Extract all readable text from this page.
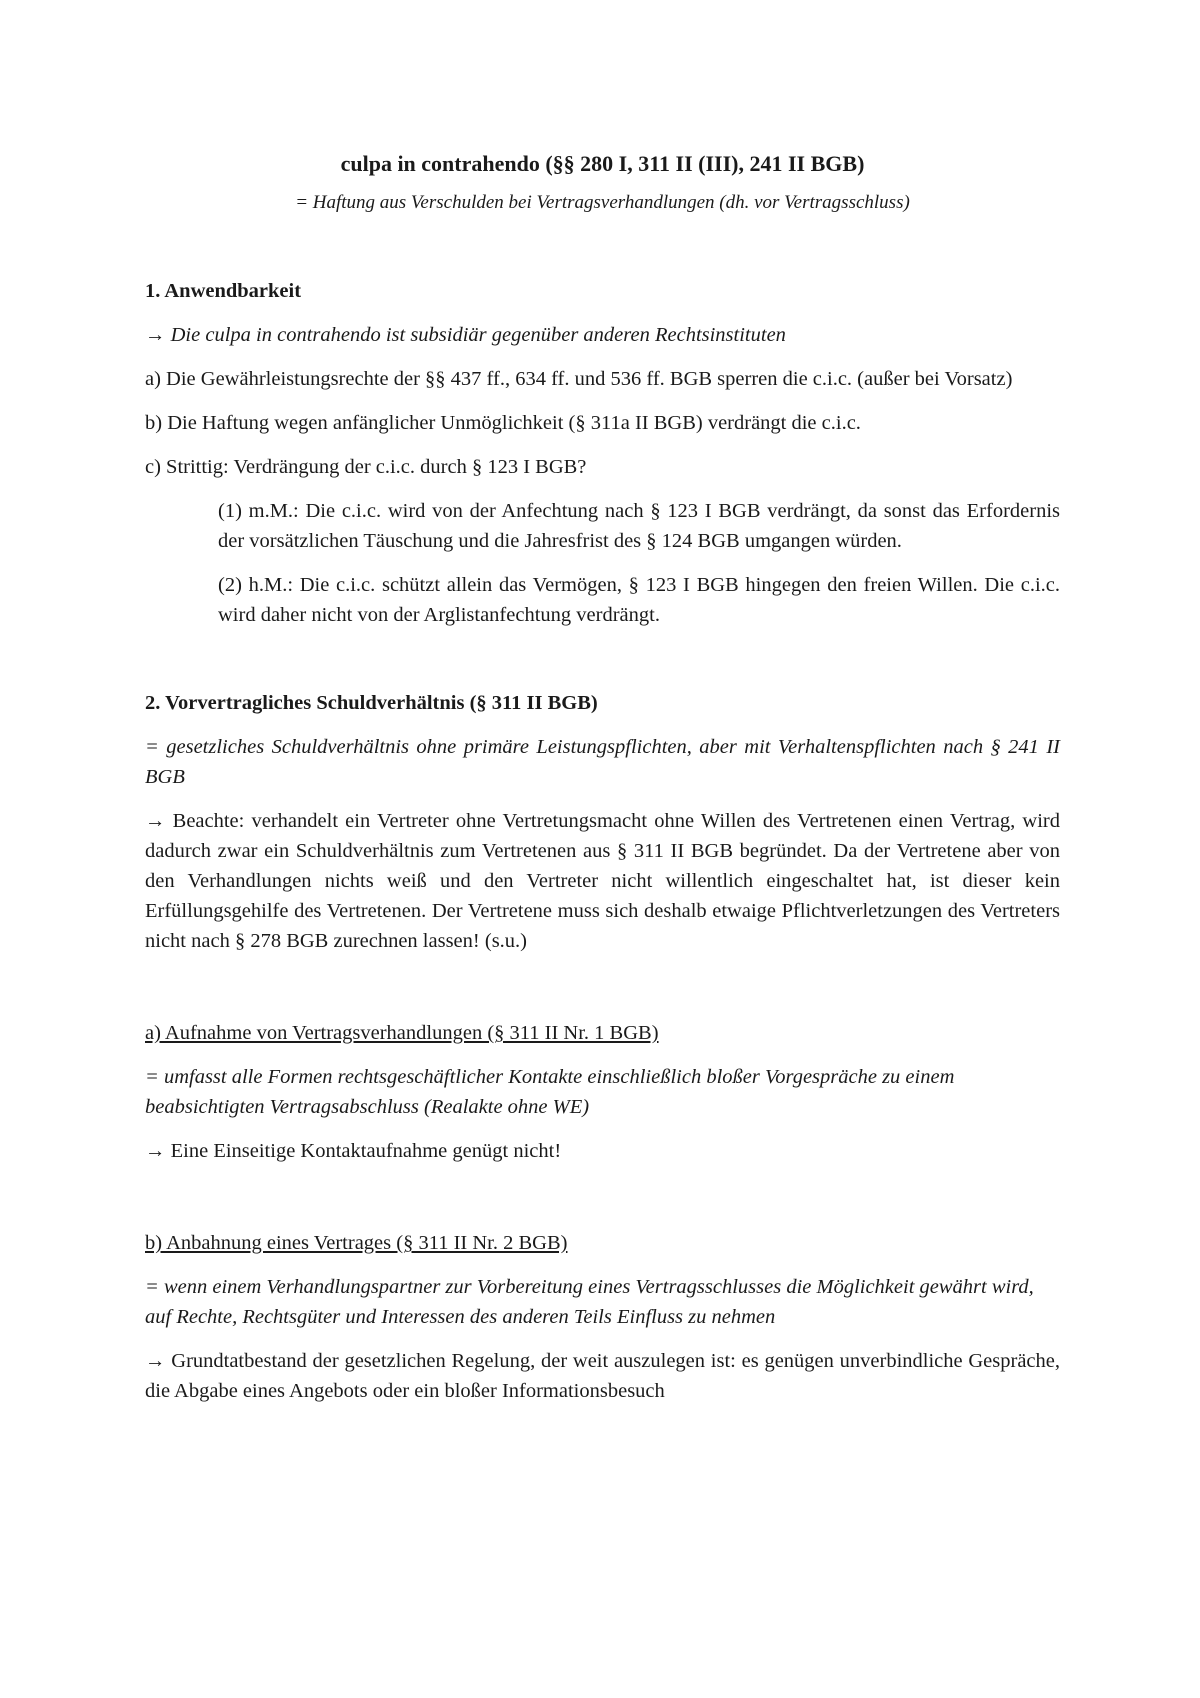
culpa in contrahendo (§§ 280 I, 311 II (III), 241 II BGB)

= Haftung aus Verschulden bei Vertragsverhandlungen (dh. vor Vertragsschluss)

1. Anwendbarkeit

→ Die culpa in contrahendo ist subsidiär gegenüber anderen Rechtsinstituten

a) Die Gewährleistungsrechte der §§ 437 ff., 634 ff. und 536 ff. BGB sperren die c.i.c. (außer bei Vorsatz)

b) Die Haftung wegen anfänglicher Unmöglichkeit (§ 311a II BGB) verdrängt die c.i.c.

c) Strittig: Verdrängung der c.i.c. durch § 123 I BGB?

(1) m.M.: Die c.i.c. wird von der Anfechtung nach § 123 I BGB verdrängt, da sonst das Erfordernis der vorsätzlichen Täuschung und die Jahresfrist des § 124 BGB umgangen würden.

(2) h.M.: Die c.i.c. schützt allein das Vermögen, § 123 I BGB hingegen den freien Willen. Die c.i.c. wird daher nicht von der Arglistanfechtung verdrängt.

2. Vorvertragliches Schuldverhältnis (§ 311 II BGB)

= gesetzliches Schuldverhältnis ohne primäre Leistungspflichten, aber mit Verhaltenspflichten nach § 241 II BGB

→ Beachte: verhandelt ein Vertreter ohne Vertretungsmacht ohne Willen des Vertretenen einen Vertrag, wird dadurch zwar ein Schuldverhältnis zum Vertretenen aus § 311 II BGB begründet. Da der Vertretene aber von den Verhandlungen nichts weiß und den Vertreter nicht willentlich eingeschaltet hat, ist dieser kein Erfüllungsgehilfe des Vertretenen. Der Vertretene muss sich deshalb etwaige Pflichtverletzungen des Vertreters nicht nach § 278 BGB zurechnen lassen! (s.u.)

a) Aufnahme von Vertragsverhandlungen (§ 311 II Nr. 1 BGB)

= umfasst alle Formen rechtsgeschäftlicher Kontakte einschließlich bloßer Vorgespräche zu einem beabsichtigten Vertragsabschluss (Realakte ohne WE)

→ Eine Einseitige Kontaktaufnahme genügt nicht!

b) Anbahnung eines Vertrages (§ 311 II Nr. 2 BGB)

= wenn einem Verhandlungspartner zur Vorbereitung eines Vertragsschlusses die Möglichkeit gewährt wird, auf Rechte, Rechtsgüter und Interessen des anderen Teils Einfluss zu nehmen

→ Grundtatbestand der gesetzlichen Regelung, der weit auszulegen ist: es genügen unverbindliche Gespräche, die Abgabe eines Angebots oder ein bloßer Informationsbesuch
